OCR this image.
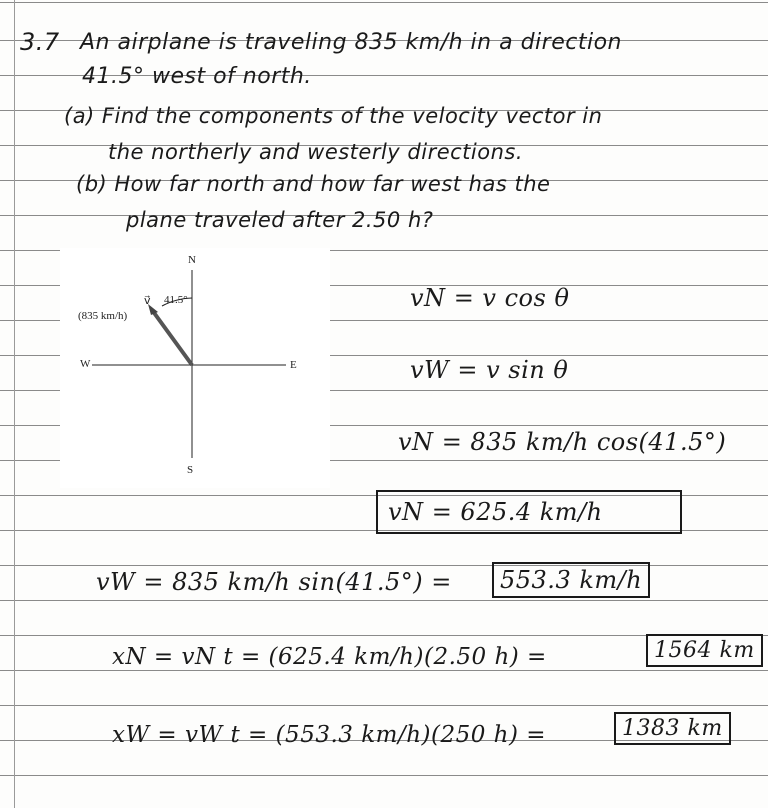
3.7 An airplane is traveling 835 km/h in a direction

41.5° west of north.

(a) Find the components of the velocity vector in

the northerly and westerly directions.

(b) How far north and how far west has the

plane traveled after 2.50 h?

N

S

E

W

v⃗

(835 km/h)

41.5°	vN = v cos θ

vW = v sin θ

vN = 835 km/h cos(41.5°)

vN = 625.4 km/h

vW = 835 km/h sin(41.5°) =	553.3 km/h

xN = vN t = (625.4 km/h)(2.50 h) =	1564 km

xW = vW t = (553.3 km/h)(250 h) =	1383 km
